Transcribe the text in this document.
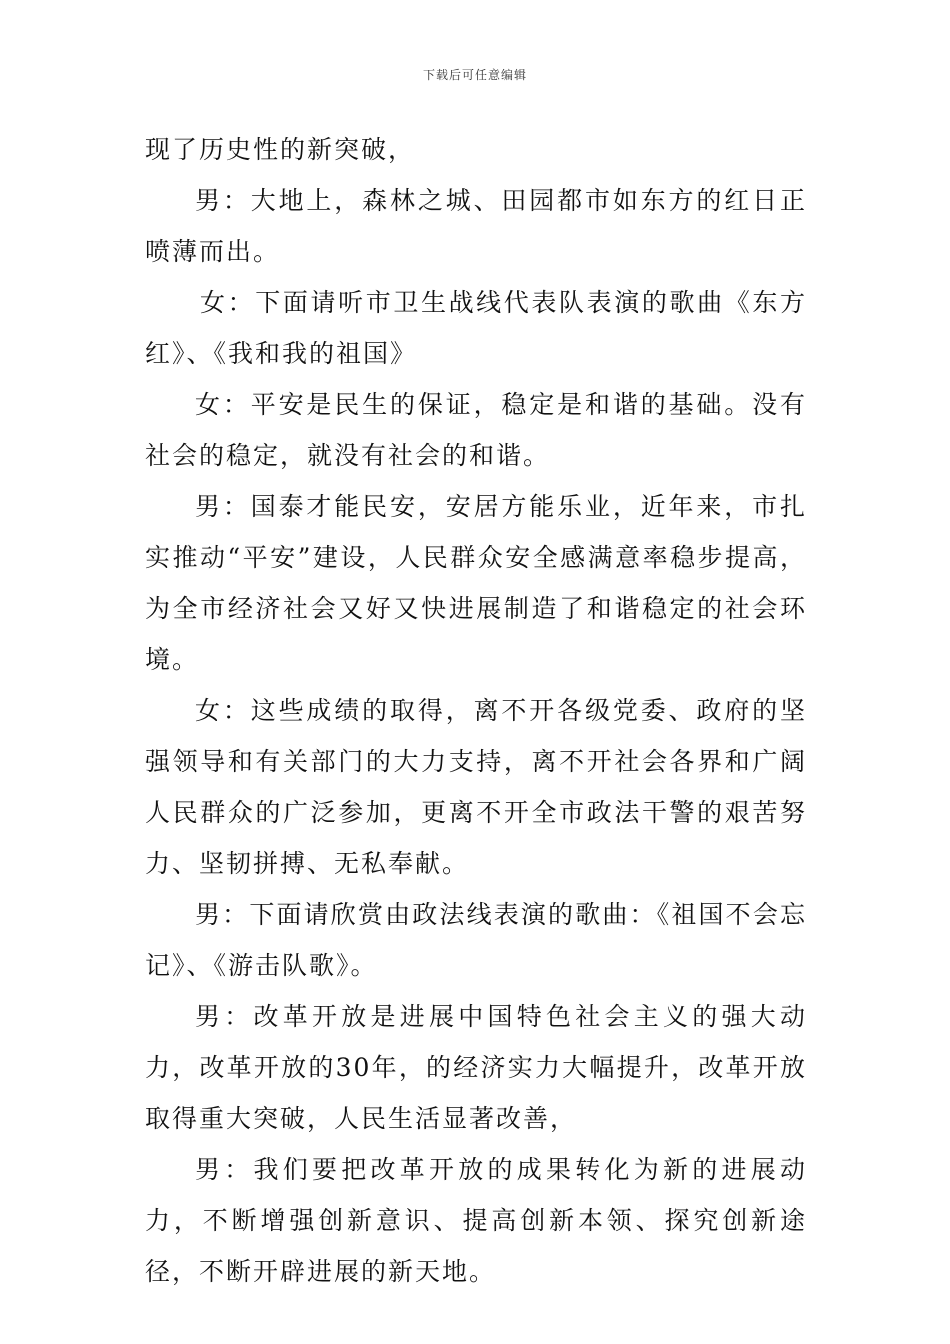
下载后可任意编辑

现了历史性的新突破，

男：大地上，森林之城、田园都市如东方的红日正喷薄而出。

女：下面请听市卫生战线代表队表演的歌曲《东方红》、《我和我的祖国》

女：平安是民生的保证，稳定是和谐的基础。没有社会的稳定，就没有社会的和谐。

男：国泰才能民安，安居方能乐业，近年来，市扎实推动“平安”建设，人民群众安全感满意率稳步提高，为全市经济社会又好又快进展制造了和谐稳定的社会环境。

女：这些成绩的取得，离不开各级党委、政府的坚强领导和有关部门的大力支持，离不开社会各界和广阔人民群众的广泛参加，更离不开全市政法干警的艰苦努力、坚韧拼搏、无私奉献。

男：下面请欣赏由政法线表演的歌曲：《祖国不会忘记》、《游击队歌》。

男：改革开放是进展中国特色社会主义的强大动力，改革开放的30年，的经济实力大幅提升，改革开放取得重大突破，人民生活显著改善，

男：我们要把改革开放的成果转化为新的进展动力，不断增强创新意识、提高创新本领、探究创新途径，不断开辟进展的新天地。
